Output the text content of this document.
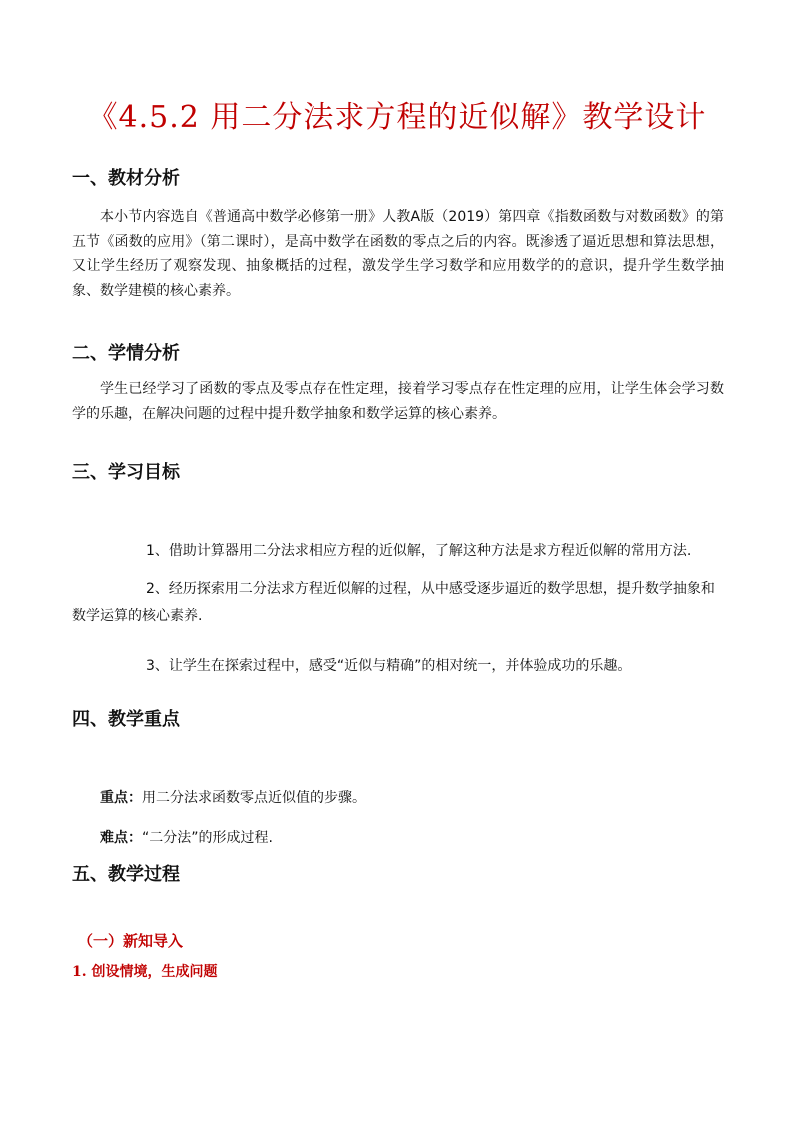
《4.5.2 用二分法求方程的近似解》教学设计
一、教材分析

本小节内容选自《普通高中数学必修第一册》人教A版（2019）第四章《指数函数与对数函数》的第五节《函数的应用》（第二课时），是高中数学在函数的零点之后的内容。既渗透了逼近思想和算法思想，又让学生经历了观察发现、抽象概括的过程，激发学生学习数学和应用数学的的意识，提升学生数学抽象、数学建模的核心素养。

二、学情分析

学生已经学习了函数的零点及零点存在性定理，接着学习零点存在性定理的应用，让学生体会学习数学的乐趣，在解决问题的过程中提升数学抽象和数学运算的核心素养。

三、学习目标
1、借助计算器用二分法求相应方程的近似解，了解这种方法是求方程近似解的常用方法.
2、经历探索用二分法求方程近似解的过程，从中感受逐步逼近的数学思想，提升数学抽象和数学运算的核心素养.
3、让学生在探索过程中，感受“近似与精确”的相对统一，并体验成功的乐趣。
四、教学重点
重点：用二分法求函数零点近似值的步骤。
难点：“二分法”的形成过程.
五、教学过程
（一）新知导入
1. 创设情境，生成问题
